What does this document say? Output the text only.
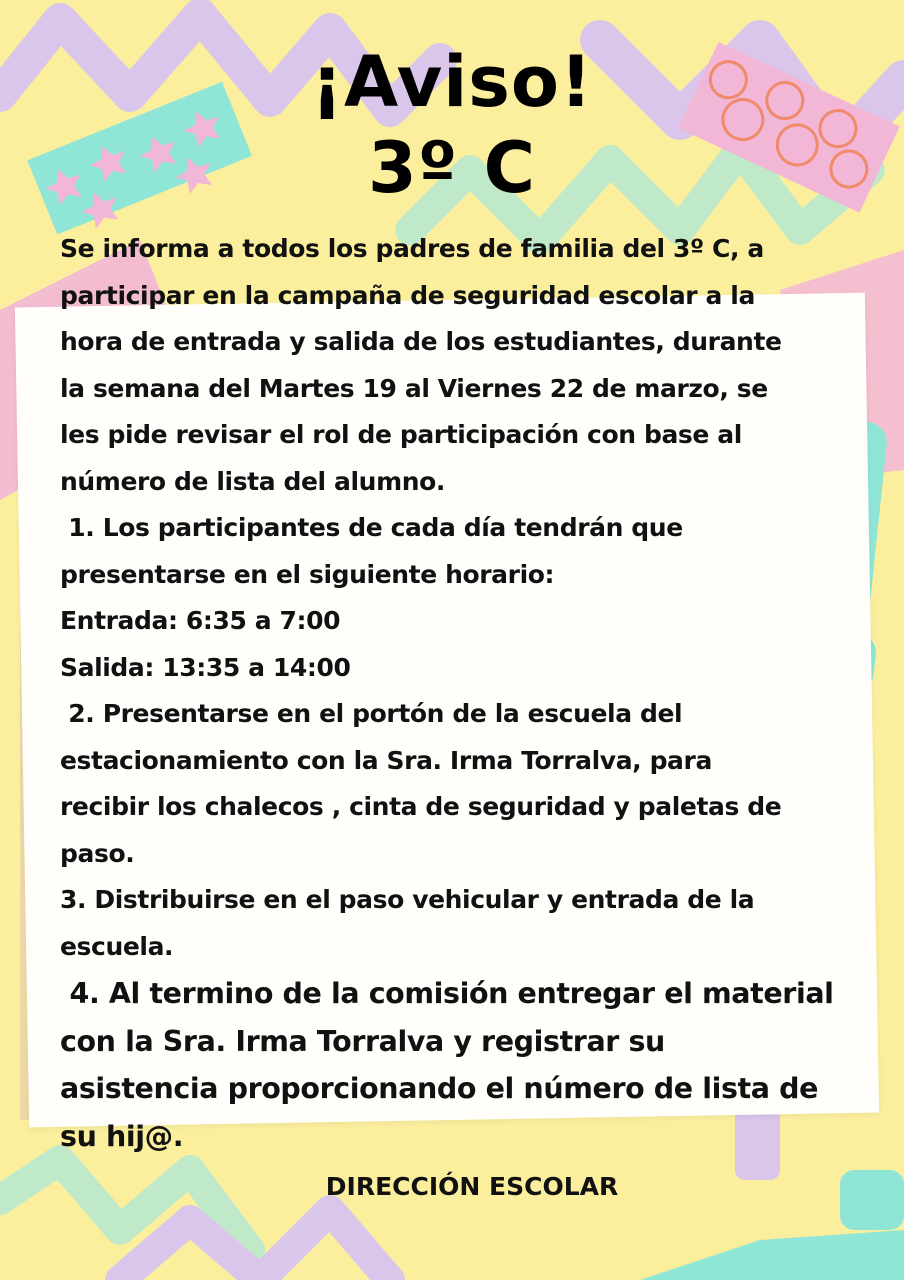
¡Aviso!
3º C
Se informa a todos los padres de familia del 3º C, a
participar en la campaña de seguridad escolar a la
hora de entrada y salida de los estudiantes, durante
la semana del Martes 19 al Viernes 22 de marzo, se
les pide revisar el rol de participación con base al
número de lista del alumno.
1. Los participantes de cada día tendrán que
presentarse en el siguiente horario:
Entrada: 6:35 a 7:00
Salida: 13:35 a 14:00
2. Presentarse en el portón de la escuela del
estacionamiento con la Sra. Irma Torralva, para
recibir los chalecos , cinta de seguridad y paletas de
paso.
3. Distribuirse en el paso vehicular y entrada de la
escuela.
4. Al termino de la comisión entregar el material
con la Sra. Irma Torralva y registrar su
asistencia proporcionando el número de lista de
su hij@.
DIRECCIÓN ESCOLAR
